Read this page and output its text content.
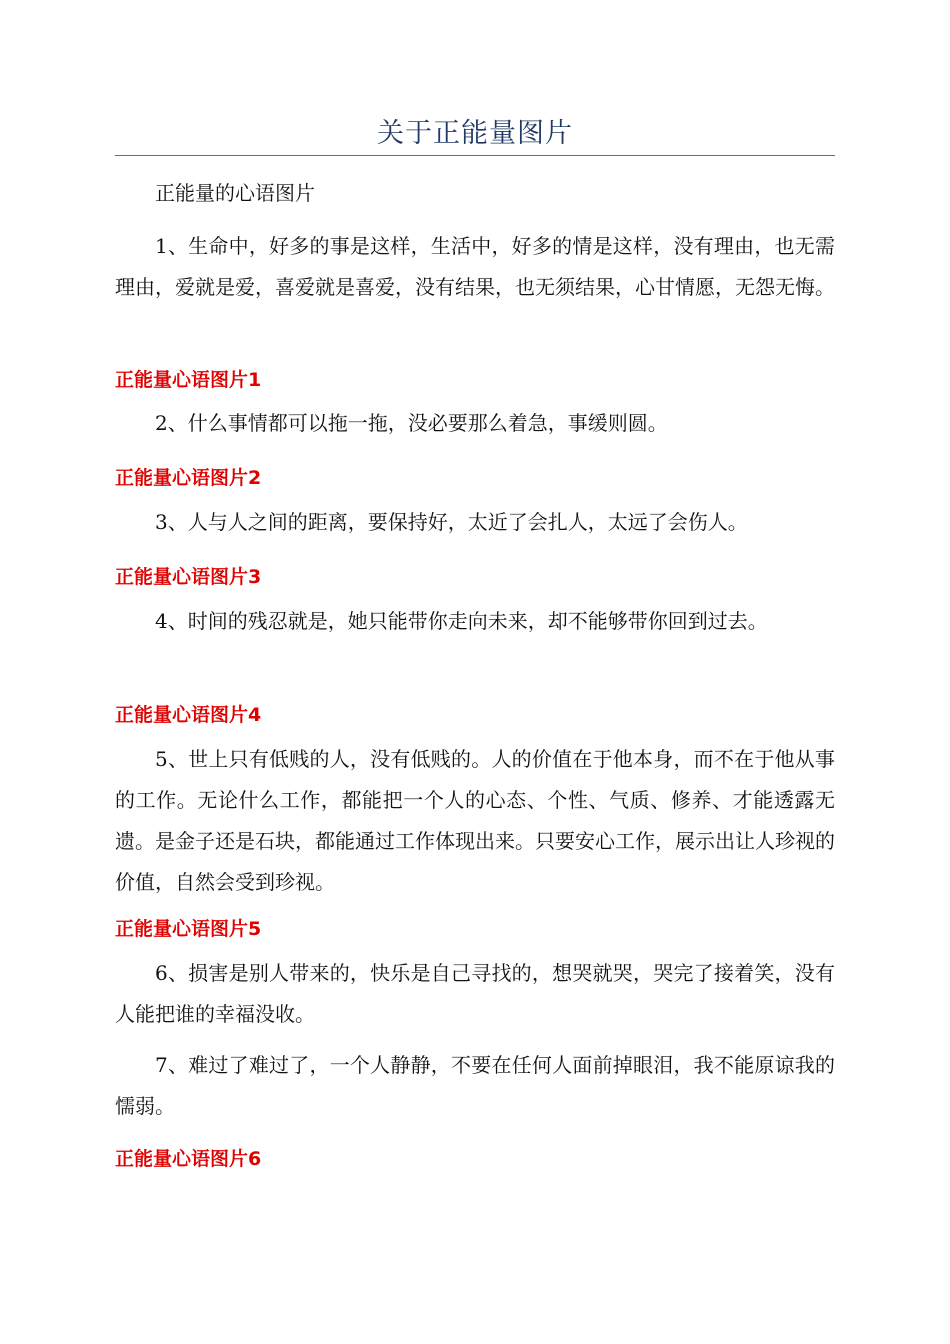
关于正能量图片

正能量的心语图片

1、生命中，好多的事是这样，生活中，好多的情是这样，没有理由，也无需理由，爱就是爱，喜爱就是喜爱，没有结果，也无须结果，心甘情愿，无怨无悔。

正能量心语图片1

2、什么事情都可以拖一拖，没必要那么着急，事缓则圆。

正能量心语图片2

3、人与人之间的距离，要保持好，太近了会扎人，太远了会伤人。

正能量心语图片3

4、时间的残忍就是，她只能带你走向未来，却不能够带你回到过去。

正能量心语图片4

5、世上只有低贱的人，没有低贱的。人的价值在于他本身，而不在于他从事的工作。无论什么工作，都能把一个人的心态、个性、气质、修养、才能透露无遗。是金子还是石块，都能通过工作体现出来。只要安心工作，展示出让人珍视的价值，自然会受到珍视。

正能量心语图片5

6、损害是别人带来的，快乐是自己寻找的，想哭就哭，哭完了接着笑，没有人能把谁的幸福没收。

7、难过了难过了，一个人静静，不要在任何人面前掉眼泪，我不能原谅我的懦弱。

正能量心语图片6
